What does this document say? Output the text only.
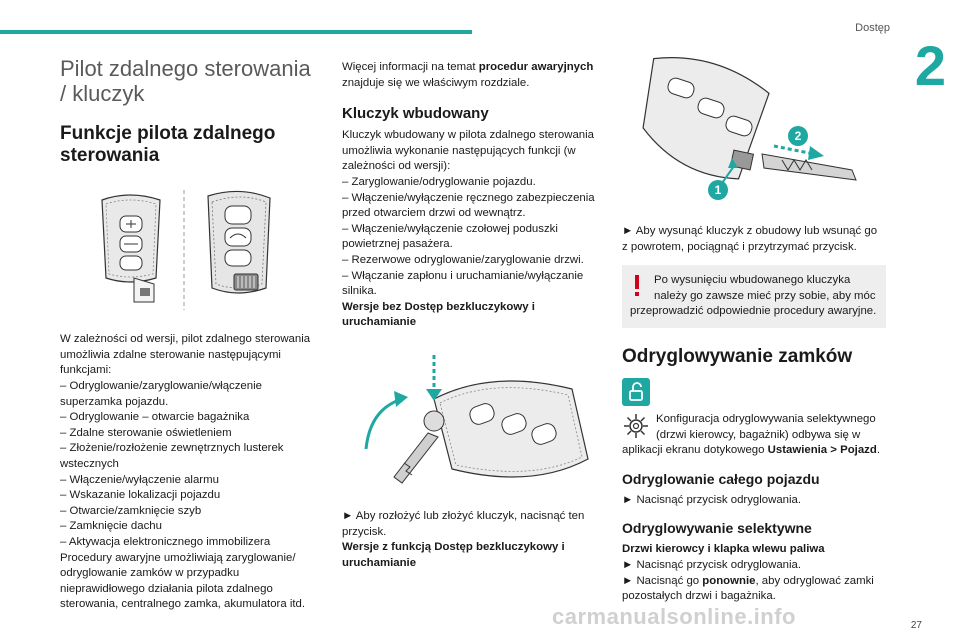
Dostęp
2
27
carmanualsonline.info
Pilot zdalnego sterowania / kluczyk
Funkcje pilota zdalnego sterowania
W zależności od wersji, pilot zdalnego sterowania
umożliwia zdalne sterowanie następującymi
funkcjami:
– Odryglowanie/zaryglowanie/włączenie
superzamka pojazdu.
– Odryglowanie – otwarcie bagażnika
– Zdalne sterowanie oświetleniem
– Złożenie/rozłożenie zewnętrznych lusterek
wstecznych
– Włączenie/wyłączenie alarmu
– Wskazanie lokalizacji pojazdu
– Otwarcie/zamknięcie szyb
– Zamknięcie dachu
– Aktywacja elektronicznego immobilizera
Procedury awaryjne umożliwiają zaryglowanie/
odryglowanie zamków w przypadku
nieprawidłowego działania pilota zdalnego
sterowania, centralnego zamka, akumulatora itd.
Więcej informacji na temat procedur awaryjnych
znajduje się we właściwym rozdziale.
Kluczyk wbudowany
Kluczyk wbudowany w pilota zdalnego sterowania
umożliwia wykonanie następujących funkcji (w
zależności od wersji):
– Zaryglowanie/odryglowanie pojazdu.
– Włączenie/wyłączenie ręcznego zabezpieczenia
przed otwarciem drzwi od wewnątrz.
– Włączenie/wyłączenie czołowej poduszki
powietrznej pasażera.
– Rezerwowe odryglowanie/zaryglowanie drzwi.
– Włączanie zapłonu i uruchamianie/wyłączanie
silnika.
Wersje bez Dostęp bezkluczykowy i
uruchamianie
► Aby rozłożyć lub złożyć kluczyk, nacisnąć ten
przycisk.
Wersje z funkcją Dostęp bezkluczykowy i
uruchamianie
2
1
► Aby wysunąć kluczyk z obudowy lub wsunąć go
z powrotem, pociągnąć i przytrzymać przycisk.
Po wysunięciu wbudowanego kluczyka
należy go zawsze mieć przy sobie, aby móc
przeprowadzić odpowiednie procedury awaryjne.
Odryglowywanie zamków
Konfiguracja odryglowywania selektywnego
(drzwi kierowcy, bagażnik) odbywa się w
aplikacji ekranu dotykowego Ustawienia > Pojazd.
Odryglowanie całego pojazdu
► Nacisnąć przycisk odryglowania.
Odryglowywanie selektywne
Drzwi kierowcy i klapka wlewu paliwa
► Nacisnąć przycisk odryglowania.
► Nacisnąć go ponownie, aby odryglować zamki
pozostałych drzwi i bagażnika.
